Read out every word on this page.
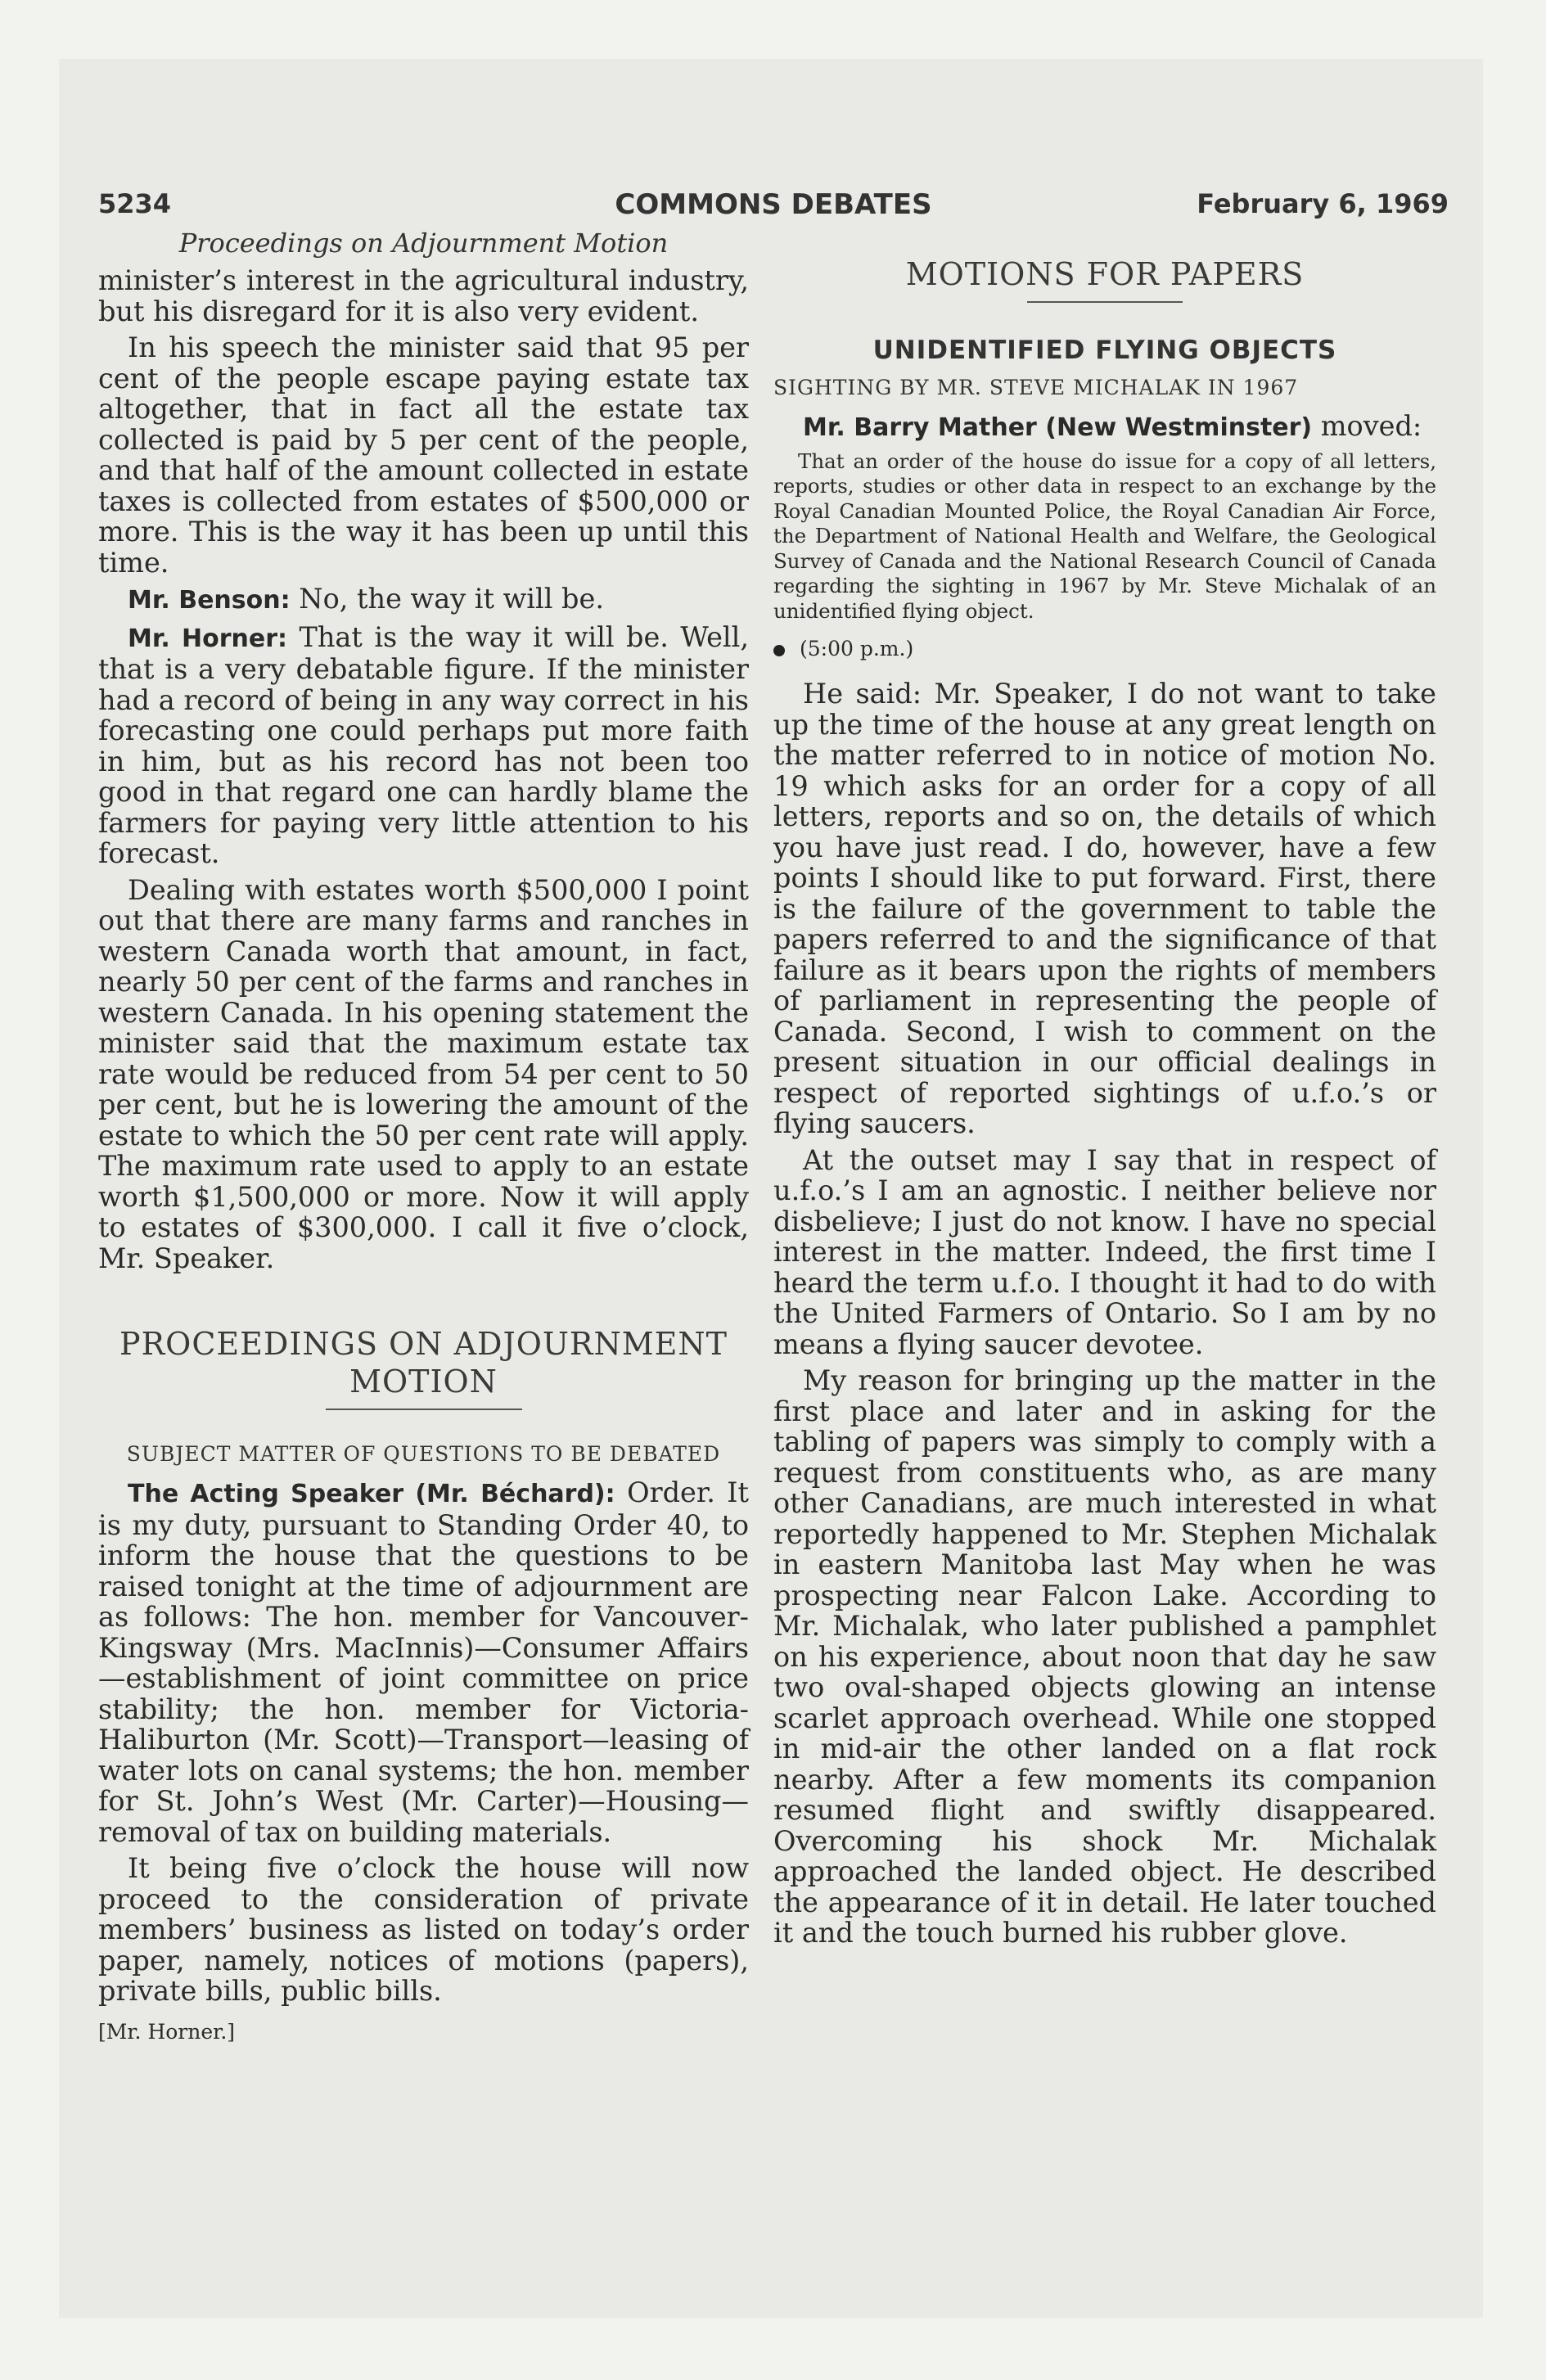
5234	COMMONS DEBATES	February 6, 1969
Proceedings on Adjournment Motion

minister’s interest in the agricultural industry, but his disregard for it is also very evident.

In his speech the minister said that 95 per cent of the people escape paying estate tax altogether, that in fact all the estate tax collected is paid by 5 per cent of the people, and that half of the amount collected in estate taxes is collected from estates of $500,000 or more. This is the way it has been up until this time.

Mr. Benson: No, the way it will be.

Mr. Horner: That is the way it will be. Well, that is a very debatable figure. If the minister had a record of being in any way correct in his forecasting one could perhaps put more faith in him, but as his record has not been too good in that regard one can hardly blame the farmers for paying very little attention to his forecast.

Dealing with estates worth $500,000 I point out that there are many farms and ranches in western Canada worth that amount, in fact, nearly 50 per cent of the farms and ranches in western Canada. In his opening statement the minister said that the maximum estate tax rate would be reduced from 54 per cent to 50 per cent, but he is lowering the amount of the estate to which the 50 per cent rate will apply. The maximum rate used to apply to an estate worth $1,500,000 or more. Now it will apply to estates of $300,000. I call it five o’clock, Mr. Speaker.

PROCEEDINGS ON ADJOURNMENT
MOTION
SUBJECT MATTER OF QUESTIONS TO BE DEBATED

The Acting Speaker (Mr. Béchard): Order. It is my duty, pursuant to Standing Order 40, to inform the house that the questions to be raised tonight at the time of adjournment are as follows: The hon. member for Vancouver-Kingsway (Mrs. MacInnis)—Consumer Affairs—establishment of joint committee on price stability; the hon. member for Victoria-Haliburton (Mr. Scott)—Transport—leasing of water lots on canal systems; the hon. member for St. John’s West (Mr. Carter)—Housing—removal of tax on building materials.

It being five o’clock the house will now proceed to the consideration of private members’ business as listed on today’s order paper, namely, notices of motions (papers), private bills, public bills.

[Mr. Horner.]
MOTIONS FOR PAPERS
UNIDENTIFIED FLYING OBJECTS
SIGHTING BY MR. STEVE MICHALAK IN 1967

Mr. Barry Mather (New Westminster) moved:

That an order of the house do issue for a copy of all letters, reports, studies or other data in respect to an exchange by the Royal Canadian Mounted Police, the Royal Canadian Air Force, the Department of National Health and Welfare, the Geological Survey of Canada and the National Research Council of Canada regarding the sighting in 1967 by Mr. Steve Michalak of an unidentified flying object.
(5:00 p.m.)

He said: Mr. Speaker, I do not want to take up the time of the house at any great length on the matter referred to in notice of motion No. 19 which asks for an order for a copy of all letters, reports and so on, the details of which you have just read. I do, however, have a few points I should like to put forward. First, there is the failure of the government to table the papers referred to and the significance of that failure as it bears upon the rights of members of parliament in representing the people of Canada. Second, I wish to comment on the present situation in our official dealings in respect of reported sightings of u.f.o.’s or flying saucers.

At the outset may I say that in respect of u.f.o.’s I am an agnostic. I neither believe nor disbelieve; I just do not know. I have no special interest in the matter. Indeed, the first time I heard the term u.f.o. I thought it had to do with the United Farmers of Ontario. So I am by no means a flying saucer devotee.

My reason for bringing up the matter in the first place and later and in asking for the tabling of papers was simply to comply with a request from constituents who, as are many other Canadians, are much interested in what reportedly happened to Mr. Stephen Michalak in eastern Manitoba last May when he was prospecting near Falcon Lake. According to Mr. Michalak, who later published a pamphlet on his experience, about noon that day he saw two oval-shaped objects glowing an intense scarlet approach overhead. While one stopped in mid-air the other landed on a flat rock nearby. After a few moments its companion resumed flight and swiftly disappeared. Overcoming his shock Mr. Michalak approached the landed object. He described the appearance of it in detail. He later touched it and the touch burned his rubber glove.
